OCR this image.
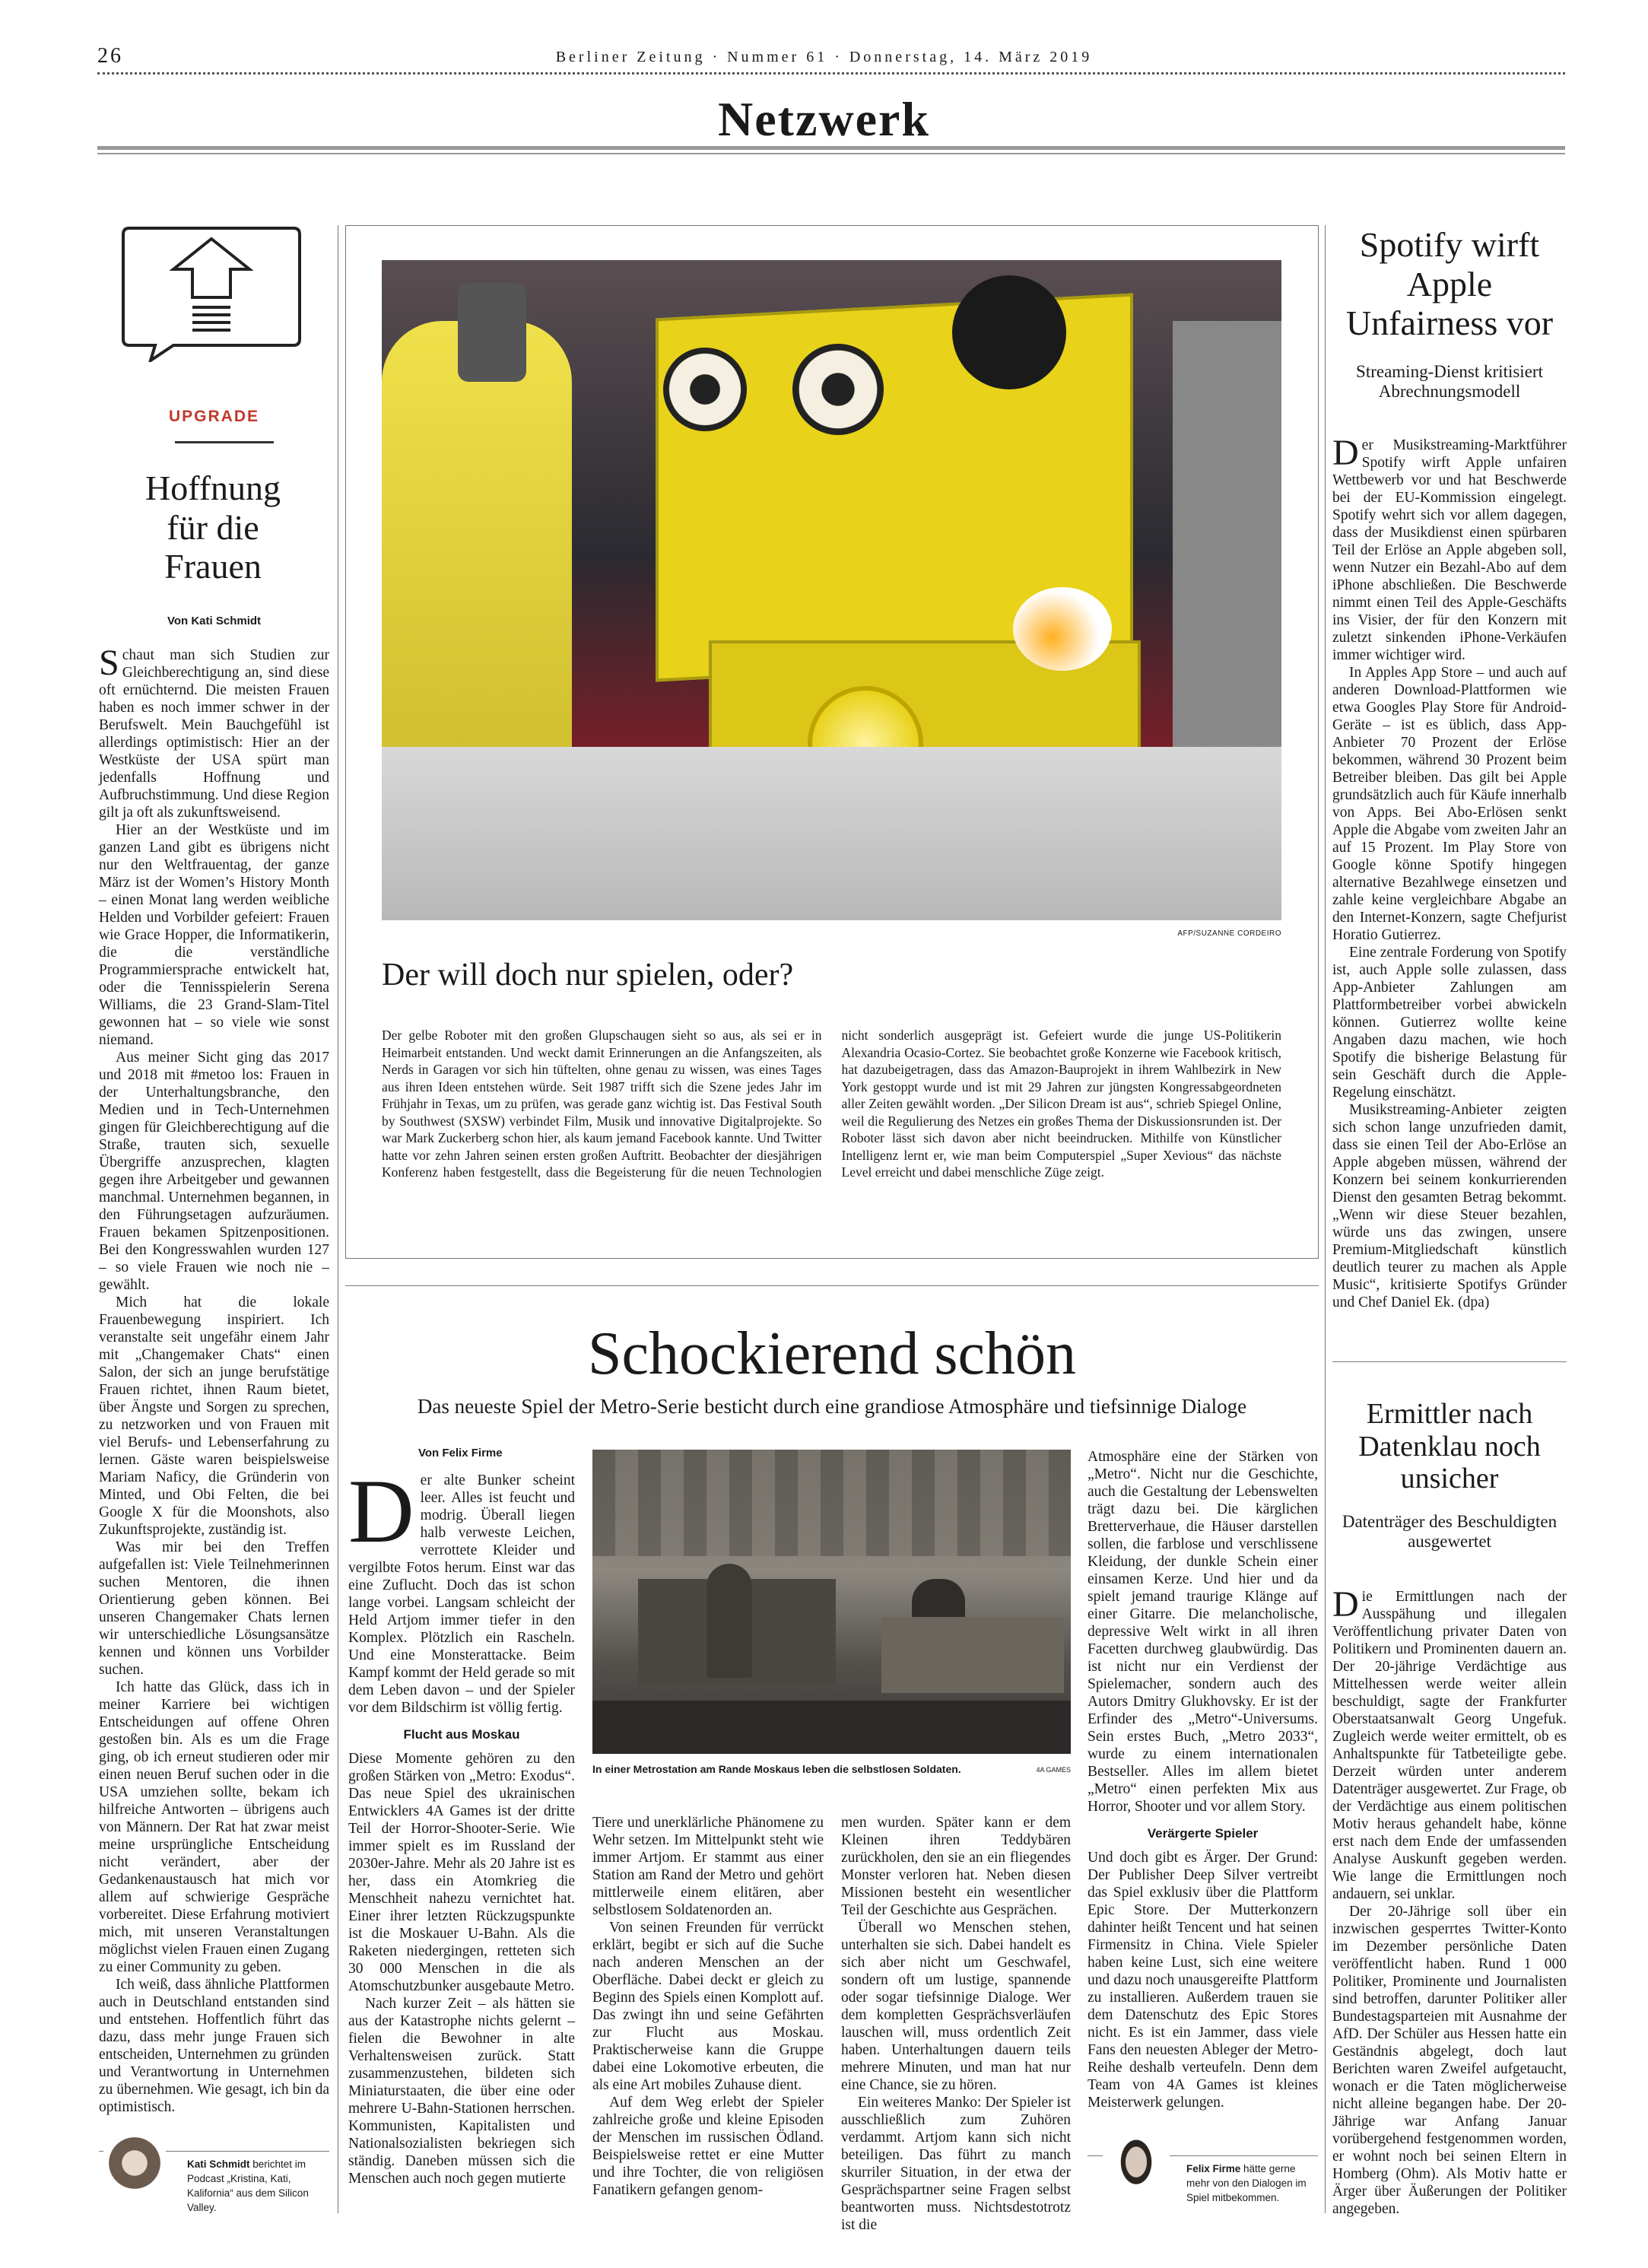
26	Berliner Zeitung · Nummer 61 · Donnerstag, 14. März 2019
Netzwerk
UPGRADE
Hoffnung für die Frauen
Von Kati Schmidt

Schaut man sich Studien zur Gleichberechtigung an, sind diese oft ernüchternd. Die meisten Frauen haben es noch immer schwer in der Berufswelt. Mein Bauchgefühl ist allerdings optimistisch: Hier an der Westküste der USA spürt man jedenfalls Hoffnung und Aufbruchstimmung. Und diese Region gilt ja oft als zukunftsweisend.

Hier an der Westküste und im ganzen Land gibt es übrigens nicht nur den Weltfrauentag, der ganze März ist der Women’s History Month – einen Monat lang werden weibliche Helden und Vorbilder gefeiert: Frauen wie Grace Hopper, die Informatikerin, die die verständliche Programmiersprache entwickelt hat, oder die Tennisspielerin Serena Williams, die 23 Grand-Slam-Titel gewonnen hat – so viele wie sonst niemand.

Aus meiner Sicht ging das 2017 und 2018 mit #metoo los: Frauen in der Unterhaltungsbranche, den Medien und in Tech-Unternehmen gingen für Gleichberechtigung auf die Straße, trauten sich, sexuelle Übergriffe anzusprechen, klagten gegen ihre Arbeitgeber und gewannen manchmal. Unternehmen begannen, in den Führungsetagen aufzuräumen. Frauen bekamen Spitzenpositionen. Bei den Kongresswahlen wurden 127 – so viele Frauen wie noch nie – gewählt.

Mich hat die lokale Frauenbewegung inspiriert. Ich veranstalte seit ungefähr einem Jahr mit „Changemaker Chats“ einen Salon, der sich an junge berufstätige Frauen richtet, ihnen Raum bietet, über Ängste und Sorgen zu sprechen, zu netzworken und von Frauen mit viel Berufs- und Lebenserfahrung zu lernen. Gäste waren beispielsweise Mariam Naficy, die Gründerin von Minted, und Obi Felten, die bei Google X für die Moonshots, also Zukunftsprojekte, zuständig ist.

Was mir bei den Treffen aufgefallen ist: Viele Teilnehmerinnen suchen Mentoren, die ihnen Orientierung geben können. Bei unseren Changemaker Chats lernen wir unterschiedliche Lösungsansätze kennen und können uns Vorbilder suchen.

Ich hatte das Glück, dass ich in meiner Karriere bei wichtigen Entscheidungen auf offene Ohren gestoßen bin. Als es um die Frage ging, ob ich erneut studieren oder mir einen neuen Beruf suchen oder in die USA umziehen sollte, bekam ich hilfreiche Antworten – übrigens auch von Männern. Der Rat hat zwar meist meine ursprüngliche Entscheidung nicht verändert, aber der Gedankenaustausch hat mich vor allem auf schwierige Gespräche vorbereitet. Diese Erfahrung motiviert mich, mit unseren Veranstaltungen möglichst vielen Frauen einen Zugang zu einer Community zu geben.

Ich weiß, dass ähnliche Plattformen auch in Deutschland entstanden sind und entstehen. Hoffentlich führt das dazu, dass mehr junge Frauen sich entscheiden, Unternehmen zu gründen und Verantwortung in Unternehmen zu übernehmen. Wie gesagt, ich bin da optimistisch.

Kati Schmidt berichtet im Podcast „Kristina, Kati, Kalifornia“ aus dem Silicon Valley.
AFP/SUZANNE CORDEIRO
Der will doch nur spielen, oder?
Der gelbe Roboter mit den großen Glupschaugen sieht so aus, als sei er in Heimarbeit entstanden. Und weckt damit Erinnerungen an die Anfangszeiten, als Nerds in Garagen vor sich hin tüftelten, ohne genau zu wissen, was eines Tages aus ihren Ideen entstehen würde. Seit 1987 trifft sich die Szene jedes Jahr im Frühjahr in Texas, um zu prüfen, was gerade ganz wichtig ist. Das Festival South by Southwest (SXSW) verbindet Film, Musik und innovative Digitalprojekte. So war Mark Zuckerberg schon hier, als kaum jemand Facebook kannte. Und Twitter hatte vor zehn Jahren seinen ersten großen Auftritt. Beobachter der diesjährigen Konferenz haben festgestellt, dass die Begeisterung für die neuen Technologien nicht sonderlich ausgeprägt ist. Gefeiert wurde die junge US-Politikerin Alexandria Ocasio-Cortez. Sie beobachtet große Konzerne wie Facebook kritisch, hat dazubeigetragen, dass das Amazon-Bauprojekt in ihrem Wahlbezirk in New York gestoppt wurde und ist mit 29 Jahren zur jüngsten Kongressabgeordneten aller Zeiten gewählt worden. „Der Silicon Dream ist aus“, schrieb Spiegel Online, weil die Regulierung des Netzes ein großes Thema der Diskussionsrunden ist. Der Roboter lässt sich davon aber nicht beeindrucken. Mithilfe von Künstlicher Intelligenz lernt er, wie man beim Computerspiel „Super Xevious“ das nächste Level erreicht und dabei menschliche Züge zeigt.
Schockierend schön
Das neueste Spiel der Metro-Serie besticht durch eine grandiose Atmosphäre und tiefsinnige Dialoge
Von Felix Firme

Der alte Bunker scheint leer. Alles ist feucht und modrig. Überall liegen halb verweste Leichen, verrottete Kleider und vergilbte Fotos herum. Einst war das eine Zuflucht. Doch das ist schon lange vorbei. Langsam schleicht der Held Artjom immer tiefer in den Komplex. Plötzlich ein Rascheln. Und eine Monsterattacke. Beim Kampf kommt der Held gerade so mit dem Leben davon – und der Spieler vor dem Bildschirm ist völlig fertig.

Flucht aus Moskau

Diese Momente gehören zu den großen Stärken von „Metro: Exodus“. Das neue Spiel des ukrainischen Entwicklers 4A Games ist der dritte Teil der Horror-Shooter-Serie. Wie immer spielt es im Russland der 2030er-Jahre. Mehr als 20 Jahre ist es her, dass ein Atomkrieg die Menschheit nahezu vernichtet hat. Einer ihrer letzten Rückzugspunkte ist die Moskauer U-Bahn. Als die Raketen niedergingen, retteten sich 30 000 Menschen in die als Atomschutzbunker ausgebaute Metro.

Nach kurzer Zeit – als hätten sie aus der Katastrophe nichts gelernt – fielen die Bewohner in alte Verhaltensweisen zurück. Statt zusammenzustehen, bildeten sich Miniaturstaaten, die über eine oder mehrere U-Bahn-Stationen herrschen. Kommunisten, Kapitalisten und Nationalsozialisten bekriegen sich ständig. Daneben müssen sich die Menschen auch noch gegen mutierte

In einer Metrostation am Rande Moskaus leben die selbstlosen Soldaten.	4A GAMES

Tiere und unerklärliche Phänomene zu Wehr setzen. Im Mittelpunkt steht wie immer Artjom. Er stammt aus einer Station am Rand der Metro und gehört mittlerweile einem elitären, aber selbstlosem Soldatenorden an.

Von seinen Freunden für verrückt erklärt, begibt er sich auf die Suche nach anderen Menschen an der Oberfläche. Dabei deckt er gleich zu Beginn des Spiels einen Komplott auf. Das zwingt ihn und seine Gefährten zur Flucht aus Moskau. Praktischerweise kann die Gruppe dabei eine Lokomotive erbeuten, die als eine Art mobiles Zuhause dient.

Auf dem Weg erlebt der Spieler zahlreiche große und kleine Episoden der Menschen im russischen Ödland. Beispielsweise rettet er eine Mutter und ihre Tochter, die von religiösen Fanatikern gefangen genom-

men wurden. Später kann er dem Kleinen ihren Teddybären zurückholen, den sie an ein fliegendes Monster verloren hat. Neben diesen Missionen besteht ein wesentlicher Teil der Geschichte aus Gesprächen.

Überall wo Menschen stehen, unterhalten sie sich. Dabei handelt es sich aber nicht um Geschwafel, sondern oft um lustige, spannende oder sogar tiefsinnige Dialoge. Wer dem kompletten Gesprächsverläufen lauschen will, muss ordentlich Zeit haben. Unterhaltungen dauern teils mehrere Minuten, und man hat nur eine Chance, sie zu hören.

Ein weiteres Manko: Der Spieler ist ausschließlich zum Zuhören verdammt. Artjom kann sich nicht beteiligen. Das führt zu manch skurriler Situation, in der etwa der Gesprächspartner seine Fragen selbst beantworten muss. Nichtsdestotrotz ist die

Atmosphäre eine der Stärken von „Metro“. Nicht nur die Geschichte, auch die Gestaltung der Lebenswelten trägt dazu bei. Die kärglichen Bretterverhaue, die Häuser darstellen sollen, die farblose und verschlissene Kleidung, der dunkle Schein einer einsamen Kerze. Und hier und da spielt jemand traurige Klänge auf einer Gitarre. Die melancholische, depressive Welt wirkt in all ihren Facetten durchweg glaubwürdig. Das ist nicht nur ein Verdienst der Spielemacher, sondern auch des Autors Dmitry Glukhovsky. Er ist der Erfinder des „Metro“-Universums. Sein erstes Buch, „Metro 2033“, wurde zu einem internationalen Bestseller. Alles im allem bietet „Metro“ einen perfekten Mix aus Horror, Shooter und vor allem Story.

Verärgerte Spieler

Und doch gibt es Ärger. Der Grund: Der Publisher Deep Silver vertreibt das Spiel exklusiv über die Plattform Epic Store. Der Mutterkonzern dahinter heißt Tencent und hat seinen Firmensitz in China. Viele Spieler haben keine Lust, sich eine weitere und dazu noch unausgereifte Plattform zu installieren. Außerdem trauen sie dem Datenschutz des Epic Stores nicht. Es ist ein Jammer, dass viele Fans den neuesten Ableger der Metro-Reihe deshalb verteufeln. Denn dem Team von 4A Games ist kleines Meisterwerk gelungen.

Felix Firme hätte gerne mehr von den Dialogen im Spiel mitbekommen.
Spotify wirft Apple Unfairness vor
Streaming-Dienst kritisiert Abrechnungsmodell

Der Musikstreaming-Marktführer Spotify wirft Apple unfairen Wettbewerb vor und hat Beschwerde bei der EU-Kommission eingelegt. Spotify wehrt sich vor allem dagegen, dass der Musikdienst einen spürbaren Teil der Erlöse an Apple abgeben soll, wenn Nutzer ein Bezahl-Abo auf dem iPhone abschließen. Die Beschwerde nimmt einen Teil des Apple-Geschäfts ins Visier, der für den Konzern mit zuletzt sinkenden iPhone-Verkäufen immer wichtiger wird.

In Apples App Store – und auch auf anderen Download-Plattformen wie etwa Googles Play Store für Android-Geräte – ist es üblich, dass App-Anbieter 70 Prozent der Erlöse bekommen, während 30 Prozent beim Betreiber bleiben. Das gilt bei Apple grundsätzlich auch für Käufe innerhalb von Apps. Bei Abo-Erlösen senkt Apple die Abgabe vom zweiten Jahr an auf 15 Prozent. Im Play Store von Google könne Spotify hingegen alternative Bezahlwege einsetzen und zahle keine vergleichbare Abgabe an den Internet-Konzern, sagte Chefjurist Horatio Gutierrez.

Eine zentrale Forderung von Spotify ist, auch Apple solle zulassen, dass App-Anbieter Zahlungen am Plattformbetreiber vorbei abwickeln können. Gutierrez wollte keine Angaben dazu machen, wie hoch Spotify die bisherige Belastung für sein Geschäft durch die Apple-Regelung einschätzt.

Musikstreaming-Anbieter zeigten sich schon lange unzufrieden damit, dass sie einen Teil der Abo-Erlöse an Apple abgeben müssen, während der Konzern bei seinem konkurrierenden Dienst den gesamten Betrag bekommt. „Wenn wir diese Steuer bezahlen, würde uns das zwingen, unsere Premium-Mitgliedschaft künstlich deutlich teurer zu machen als Apple Music“, kritisierte Spotifys Gründer und Chef Daniel Ek. (dpa)

Ermittler nach Datenklau noch unsicher
Datenträger des Beschuldigten ausgewertet

Die Ermittlungen nach der Ausspähung und illegalen Veröffentlichung privater Daten von Politikern und Prominenten dauern an. Der 20-jährige Verdächtige aus Mittelhessen werde weiter allein beschuldigt, sagte der Frankfurter Oberstaatsanwalt Georg Ungefuk. Zugleich werde weiter ermittelt, ob es Anhaltspunkte für Tatbeteiligte gebe. Derzeit würden unter anderem Datenträger ausgewertet. Zur Frage, ob der Verdächtige aus einem politischen Motiv heraus gehandelt habe, könne erst nach dem Ende der umfassenden Analyse Auskunft gegeben werden. Wie lange die Ermittlungen noch andauern, sei unklar.

Der 20-Jährige soll über ein inzwischen gesperrtes Twitter-Konto im Dezember persönliche Daten veröffentlicht haben. Rund 1 000 Politiker, Prominente und Journalisten sind betroffen, darunter Politiker aller Bundestagsparteien mit Ausnahme der AfD. Der Schüler aus Hessen hatte ein Geständnis abgelegt, doch laut Berichten waren Zweifel aufgetaucht, wonach er die Taten möglicherweise nicht alleine begangen habe. Der 20-Jährige war Anfang Januar vorübergehend festgenommen worden, er wohnt noch bei seinen Eltern in Homberg (Ohm). Als Motiv hatte er Ärger über Äußerungen der Politiker angegeben.
